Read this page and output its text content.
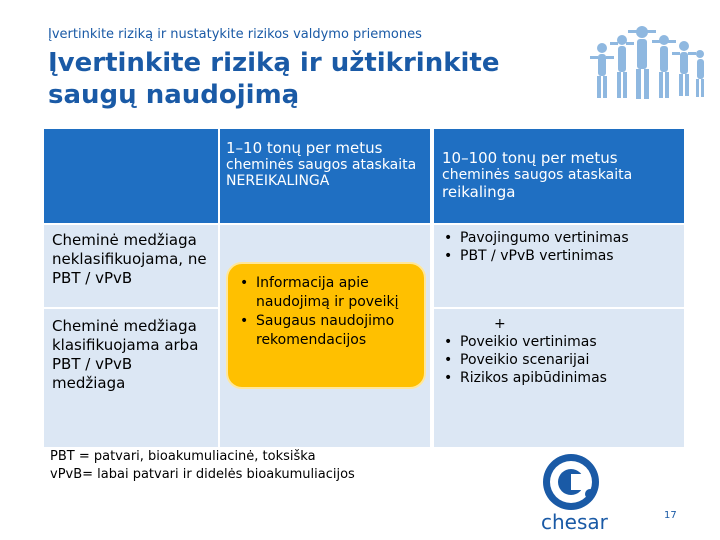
Įvertinkite riziką ir nustatykite rizikos valdymo priemones
Įvertinkite riziką ir užtikrinkite saugų naudojimą
1–10 tonų per metus
cheminės saugos ataskaita
NEREIKALINGA
10–100 tonų per metus
cheminės saugos ataskaita
reikalinga
Cheminė medžiaga neklasifikuojama, ne PBT / vPvB
Cheminė medžiaga klasifikuojama arba PBT / vPvB medžiaga
• Pavojingumo vertinimas
• PBT / vPvB vertinimas
+
• Poveikio vertinimas
• Poveikio scenarijai
• Rizikos apibūdinimas
• Informacija apie naudojimą ir poveikį
• Saugaus naudojimo rekomendacijos
PBT = patvari, bioakumuliacinė, toksiška
vPvB= labai patvari ir didelės bioakumuliacijos
chesar	17
